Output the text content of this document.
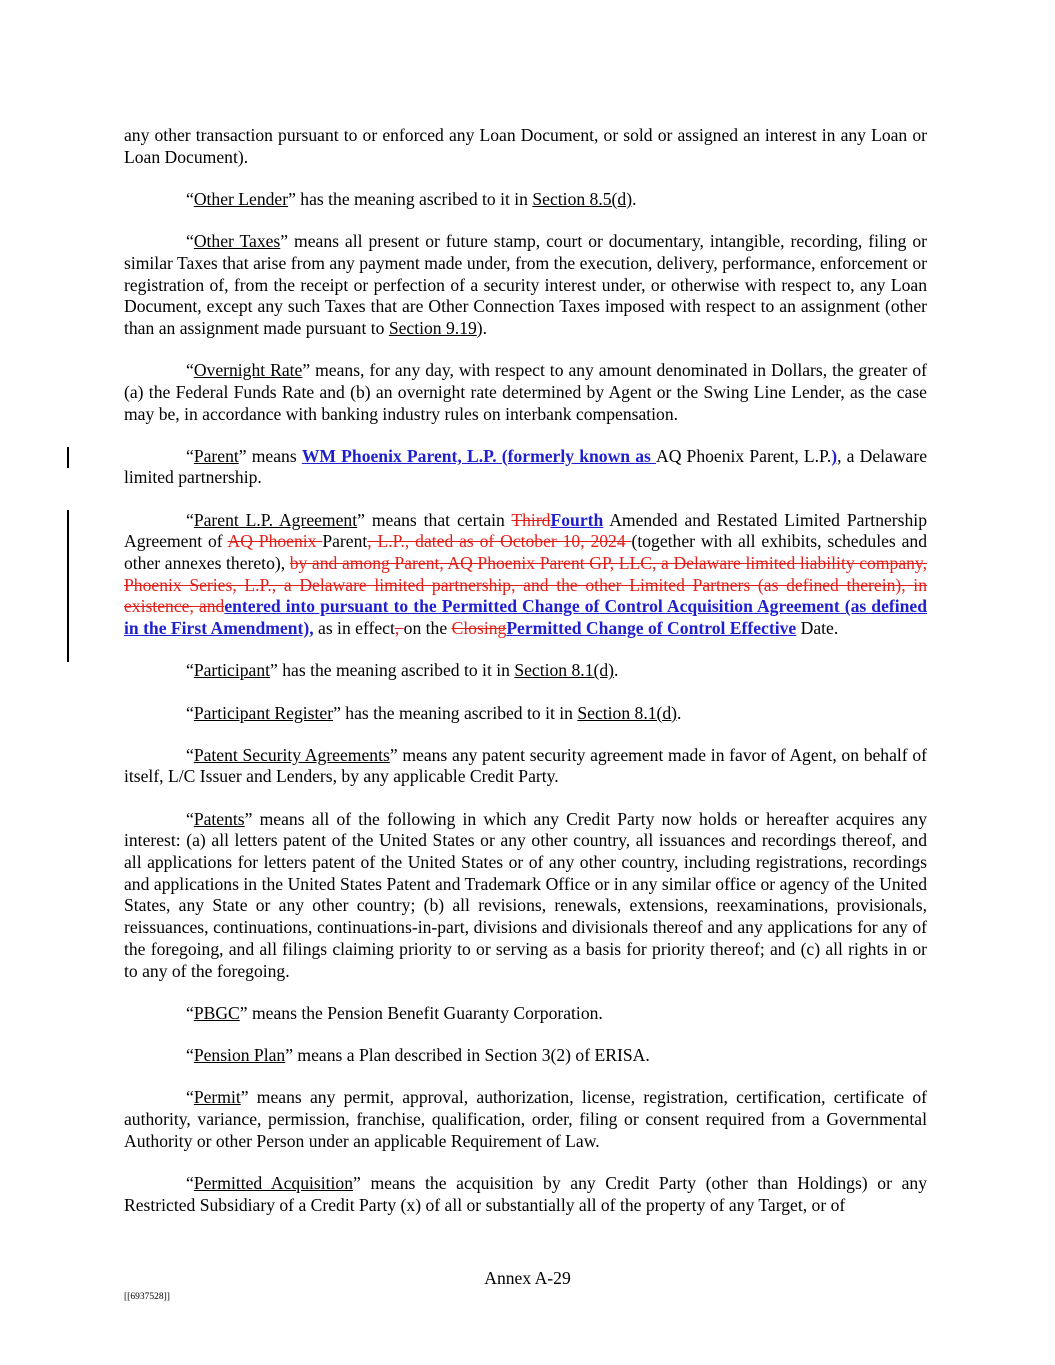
any other transaction pursuant to or enforced any Loan Document, or sold or assigned an interest in any Loan or Loan Document).

“Other Lender” has the meaning ascribed to it in Section 8.5(d).

“Other Taxes” means all present or future stamp, court or documentary, intangible, recording, filing or similar Taxes that arise from any payment made under, from the execution, delivery, performance, enforcement or registration of, from the receipt or perfection of a security interest under, or otherwise with respect to, any Loan Document, except any such Taxes that are Other Connection Taxes imposed with respect to an assignment (other than an assignment made pursuant to Section 9.19).

“Overnight Rate” means, for any day, with respect to any amount denominated in Dollars, the greater of (a) the Federal Funds Rate and (b) an overnight rate determined by Agent or the Swing Line Lender, as the case may be, in accordance with banking industry rules on interbank compensation.

“Parent” means WM Phoenix Parent, L.P. (formerly known as AQ Phoenix Parent, L.P.), a Delaware limited partnership.

“Parent L.P. Agreement” means that certain ThirdFourth Amended and Restated Limited Partnership Agreement of AQ Phoenix Parent, L.P., dated as of October 10, 2024 (together with all exhibits, schedules and other annexes thereto), by and among Parent, AQ Phoenix Parent GP, LLC, a Delaware limited liability company, Phoenix Series, L.P., a Delaware limited partnership, and the other Limited Partners (as defined therein), in existence, andentered into pursuant to the Permitted Change of Control Acquisition Agreement (as defined in the First Amendment), as in effect, on the ClosingPermitted Change of Control Effective Date.

“Participant” has the meaning ascribed to it in Section 8.1(d).

“Participant Register” has the meaning ascribed to it in Section 8.1(d).

“Patent Security Agreements” means any patent security agreement made in favor of Agent, on behalf of itself, L/C Issuer and Lenders, by any applicable Credit Party.

“Patents” means all of the following in which any Credit Party now holds or hereafter acquires any interest: (a) all letters patent of the United States or any other country, all issuances and recordings thereof, and all applications for letters patent of the United States or of any other country, including registrations, recordings and applications in the United States Patent and Trademark Office or in any similar office or agency of the United States, any State or any other country; (b) all revisions, renewals, extensions, reexaminations, provisionals, reissuances, continuations, continuations-in-part, divisions and divisionals thereof and any applications for any of the foregoing, and all filings claiming priority to or serving as a basis for priority thereof; and (c) all rights in or to any of the foregoing.

“PBGC” means the Pension Benefit Guaranty Corporation.

“Pension Plan” means a Plan described in Section 3(2) of ERISA.

“Permit” means any permit, approval, authorization, license, registration, certification, certificate of authority, variance, permission, franchise, qualification, order, filing or consent required from a Governmental Authority or other Person under an applicable Requirement of Law.

“Permitted Acquisition” means the acquisition by any Credit Party (other than Holdings) or any Restricted Subsidiary of a Credit Party (x) of all or substantially all of the property of any Target, or of

Annex A-29
[[6937528]]
